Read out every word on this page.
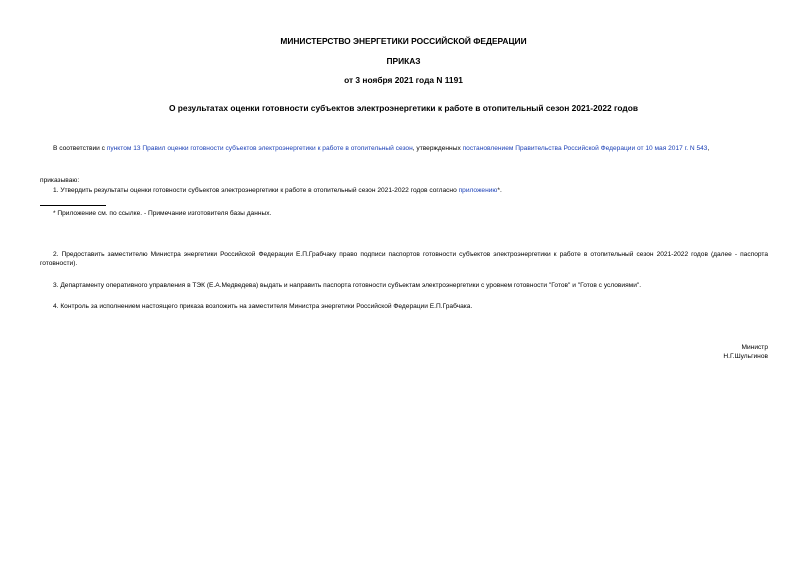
МИНИСТЕРСТВО ЭНЕРГЕТИКИ РОССИЙСКОЙ ФЕДЕРАЦИИ
ПРИКАЗ
от 3 ноября 2021 года N 1191
О результатах оценки готовности субъектов электроэнергетики к работе в отопительный сезон 2021-2022 годов
В соответствии с пунктом 13 Правил оценки готовности субъектов электроэнергетики к работе в отопительный сезон, утвержденных постановлением Правительства Российской Федерации от 10 мая 2017 г. N 543,
приказываю:
1. Утвердить результаты оценки готовности субъектов электроэнергетики к работе в отопительный сезон 2021-2022 годов согласно приложению*.
* Приложение см. по ссылке. - Примечание изготовителя базы данных.
2. Предоставить заместителю Министра энергетики Российской Федерации Е.П.Грабчаку право подписи паспортов готовности субъектов электроэнергетики к работе в отопительный сезон 2021-2022 годов (далее - паспорта готовности).
3. Департаменту оперативного управления в ТЭК (Е.А.Медведева) выдать и направить паспорта готовности субъектам электроэнергетики с уровнем готовности "Готов" и "Готов с условиями".
4. Контроль за исполнением настоящего приказа возложить на заместителя Министра энергетики Российской Федерации Е.П.Грабчака.
Министр
Н.Г.Шульгинов
